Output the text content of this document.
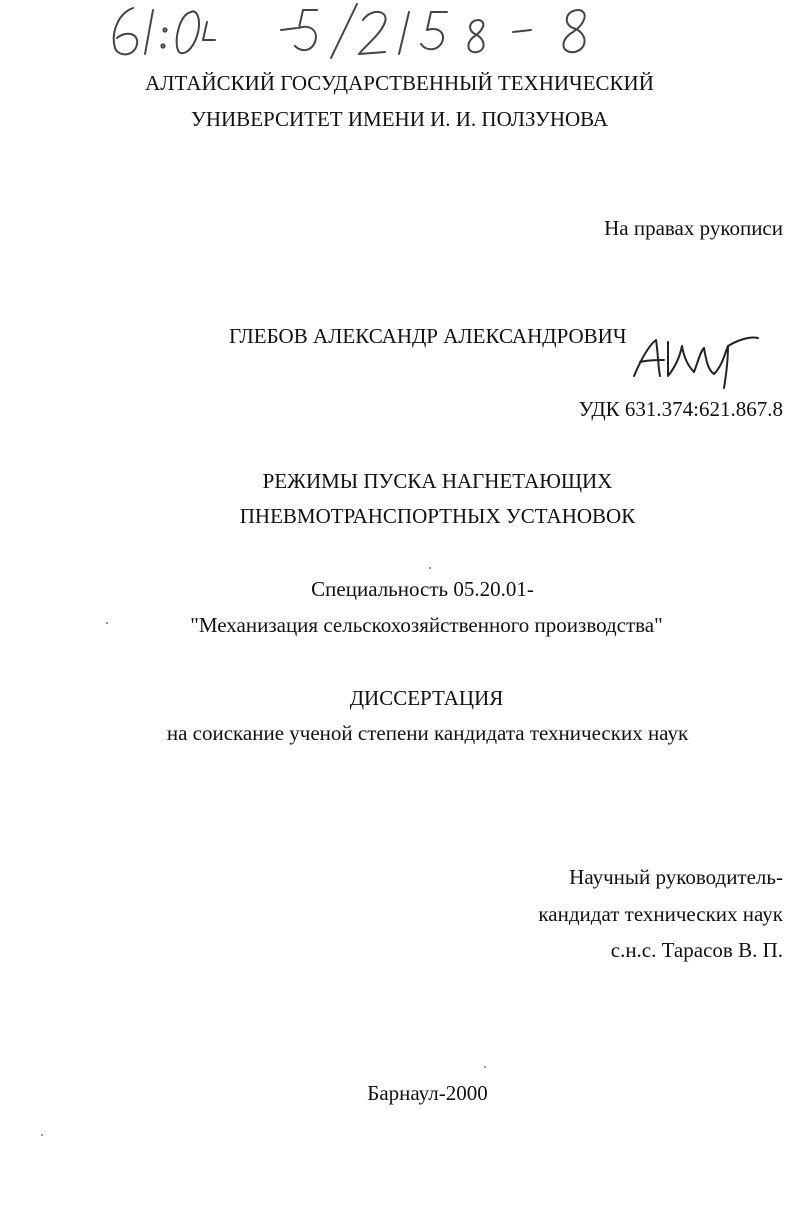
АЛТАЙСКИЙ ГОСУДАРСТВЕННЫЙ ТЕХНИЧЕСКИЙ
УНИВЕРСИТЕТ ИМЕНИ И. И. ПОЛЗУНОВА
На правах рукописи
ГЛЕБОВ АЛЕКСАНДР АЛЕКСАНДРОВИЧ
УДК 631.374:621.867.8
РЕЖИМЫ ПУСКА НАГНЕТАЮЩИХ
ПНЕВМОТРАНСПОРТНЫХ УСТАНОВОК
Специальность 05.20.01-
"Механизация сельскохозяйственного производства"
ДИССЕРТАЦИЯ
на соискание ученой степени кандидата технических наук
Научный руководитель-
кандидат технических наук
с.н.с. Тарасов В. П.
Барнаул-2000
